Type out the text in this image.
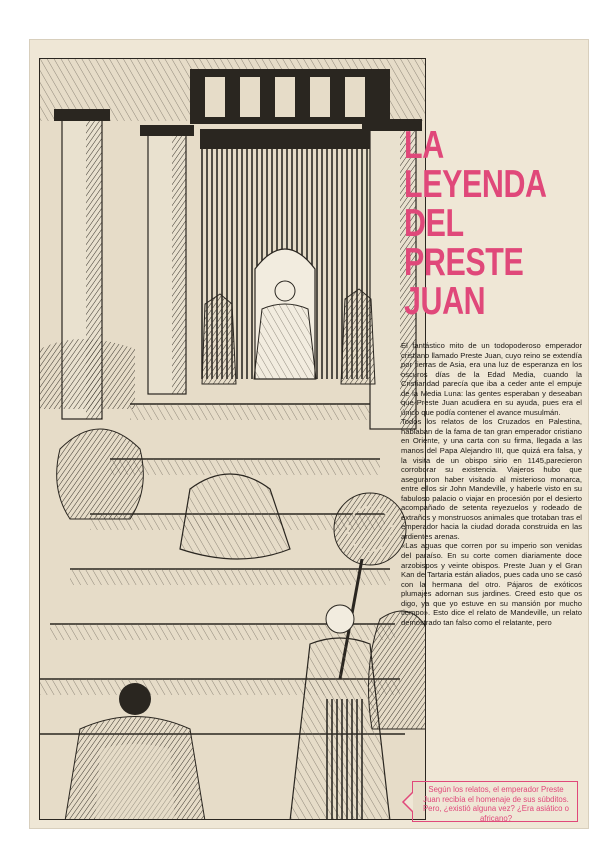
LA
LEYENDA
DEL
PRESTE
JUAN

El fantástico mito de un todopoderoso emperador cristiano llamado Preste Juan, cuyo reino se extendía por tierras de Asia, era una luz de esperanza en los oscuros días de la Edad Media, cuando la Cristiandad parecía que iba a ceder ante el empuje de la Media Luna: las gentes esperaban y deseaban que Preste Juan acudiera en su ayuda, pues era el único que podía contener el avance musulmán.

Todos los relatos de los Cruzados en Palestina, hablaban de la fama de tan gran emperador cristiano en Oriente, y una carta con su firma, llegada a las manos del Papa Alejandro III, que quizá era falsa, y la visita de un obispo sirio en 1145,parecieron corroborar su existencia. Viajeros hubo que aseguraron haber visitado al misterioso monarca, entre ellos sir John Mandeville, y haberle visto en su fabuloso palacio o viajar en procesión por el desierto acompañado de setenta reyezuelos y rodeado de extraños y monstruosos animales que trotaban tras el emperador hacia la ciudad dorada construida en las ardientes arenas.

«Las aguas que corren por su imperio son venidas del paraíso. En su corte comen diariamente doce arzobispos y veinte obispos. Preste Juan y el Gran Kan de Tartaria están aliados, pues cada uno se casó con la hermana del otro. Pájaros de exóticos plumajes adornan sus jardines. Creed esto que os digo, ya que yo estuve en su mansión por mucho tiempo». Esto dice el relato de Mandeville, un relato demostrado tan falso como el relatante, pero

Según los relatos, el emperador Preste Juan recibía el homenaje de sus súbditos. Pero, ¿existió alguna vez? ¿Era asiático o africano?
